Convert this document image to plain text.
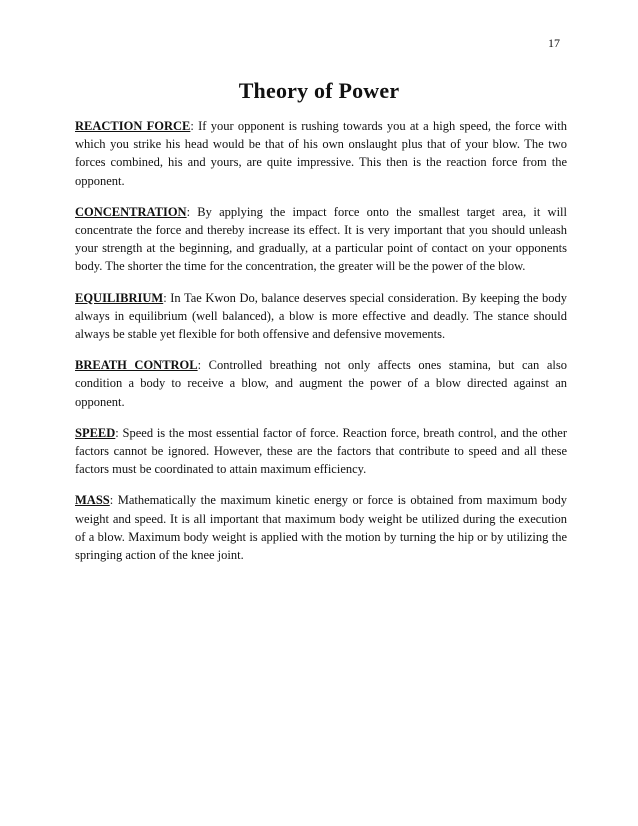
17
Theory of Power

REACTION FORCE: If your opponent is rushing towards you at a high speed, the force with which you strike his head would be that of his own onslaught plus that of your blow. The two forces combined, his and yours, are quite impressive. This then is the reaction force from the opponent.

CONCENTRATION: By applying the impact force onto the smallest target area, it will concentrate the force and thereby increase its effect. It is very important that you should unleash your strength at the beginning, and gradually, at a particular point of contact on your opponents body. The shorter the time for the concentration, the greater will be the power of the blow.

EQUILIBRIUM: In Tae Kwon Do, balance deserves special consideration. By keeping the body always in equilibrium (well balanced), a blow is more effective and deadly. The stance should always be stable yet flexible for both offensive and defensive movements.

BREATH CONTROL: Controlled breathing not only affects ones stamina, but can also condition a body to receive a blow, and augment the power of a blow directed against an opponent.

SPEED: Speed is the most essential factor of force. Reaction force, breath control, and the other factors cannot be ignored. However, these are the factors that contribute to speed and all these factors must be coordinated to attain maximum efficiency.

MASS: Mathematically the maximum kinetic energy or force is obtained from maximum body weight and speed. It is all important that maximum body weight be utilized during the execution of a blow. Maximum body weight is applied with the motion by turning the hip or by utilizing the springing action of the knee joint.
